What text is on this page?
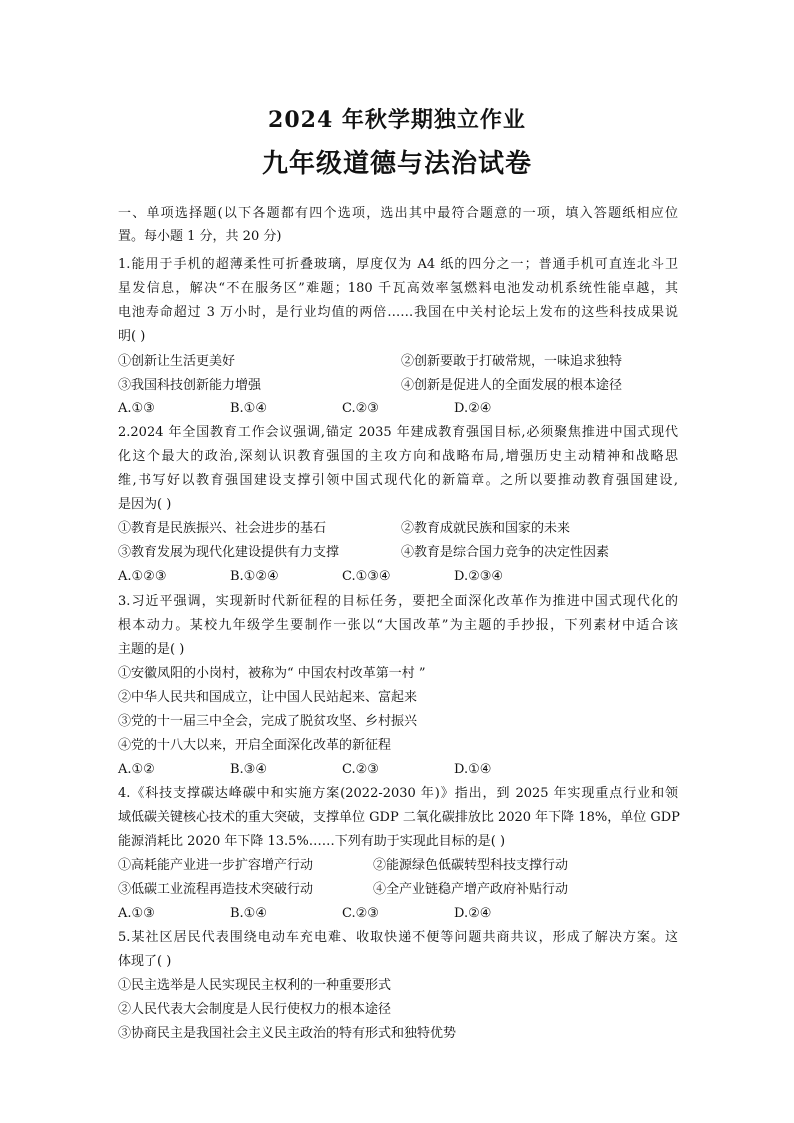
2024 年秋学期独立作业
九年级道德与法治试卷
一、单项选择题(以下各题都有四个选项，选出其中最符合题意的一项，填入答题纸相应位
置。每小题 1 分，共 20 分)
1.能用于手机的超薄柔性可折叠玻璃，厚度仅为 A4 纸的四分之一；普通手机可直连北斗卫
星发信息，解决“不在服务区”难题；180 千瓦高效率氢燃料电池发动机系统性能卓越，其
电池寿命超过 3 万小时，是行业均值的两倍……我国在中关村论坛上发布的这些科技成果说
明( )
①创新让生活更美好	②创新要敢于打破常规，一味追求独特
③我国科技创新能力增强	④创新是促进人的全面发展的根本途径
A.①③	B.①④	C.②③	D.②④
2.2024 年全国教育工作会议强调,锚定 2035 年建成教育强国目标,必须聚焦推进中国式现代
化这个最大的政治,深刻认识教育强国的主攻方向和战略布局,增强历史主动精神和战略思
维,书写好以教育强国建设支撑引领中国式现代化的新篇章。之所以要推动教育强国建设,
是因为( )
①教育是民族振兴、社会进步的基石	②教育成就民族和国家的未来
③教育发展为现代化建设提供有力支撑	④教育是综合国力竞争的决定性因素
A.①②③	B.①②④	C.①③④	D.②③④
3.习近平强调，实现新时代新征程的目标任务，要把全面深化改革作为推进中国式现代化的
根本动力。某校九年级学生要制作一张以“大国改革”为主题的手抄报，下列素材中适合该
主题的是( )
①安徽凤阳的小岗村，被称为“ 中国农村改革第一村 ”
②中华人民共和国成立，让中国人民站起来、富起来
③党的十一届三中全会，完成了脱贫攻坚、乡村振兴
④党的十八大以来，开启全面深化改革的新征程
A.①②	B.③④	C.②③	D.①④
4.《科技支撑碳达峰碳中和实施方案(2022-2030 年)》指出，到 2025 年实现重点行业和领
域低碳关键核心技术的重大突破，支撑单位 GDP 二氧化碳排放比 2020 年下降 18%，单位 GDP
能源消耗比 2020 年下降 13.5%……下列有助于实现此目标的是( )
①高耗能产业进一步扩容增产行动	②能源绿色低碳转型科技支撑行动
③低碳工业流程再造技术突破行动	④全产业链稳产增产政府补贴行动
A.①③	B.①④	C.②③	D.②④
5.某社区居民代表围绕电动车充电难、收取快递不便等问题共商共议，形成了解决方案。这
体现了( )
①民主选举是人民实现民主权利的一种重要形式
②人民代表大会制度是人民行使权力的根本途径
③协商民主是我国社会主义民主政治的特有形式和独特优势
